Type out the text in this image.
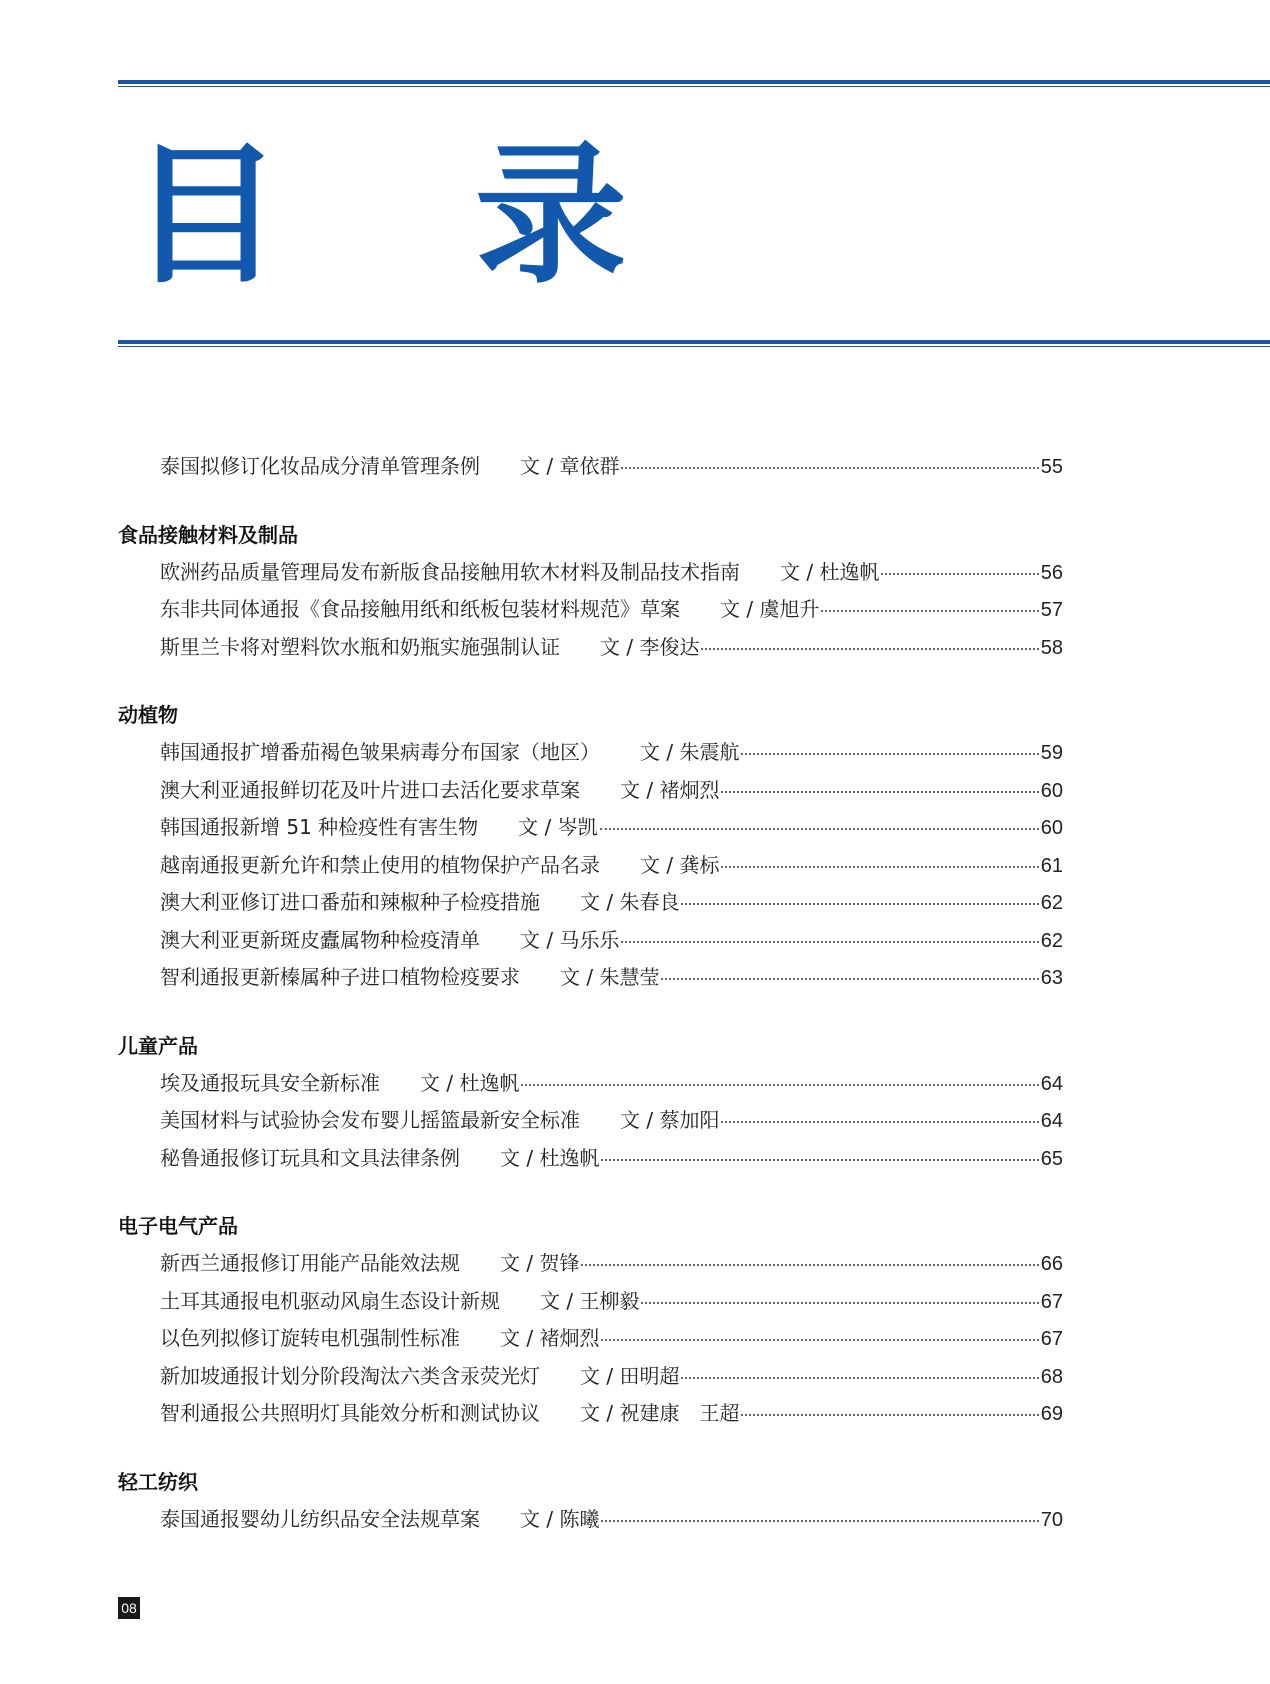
目 录
泰国拟修订化妆品成分清单管理条例 文 / 章依群	55
食品接触材料及制品
欧洲药品质量管理局发布新版食品接触用软木材料及制品技术指南 文 / 杜逸帆	56
东非共同体通报《食品接触用纸和纸板包装材料规范》草案 文 / 虞旭升	57
斯里兰卡将对塑料饮水瓶和奶瓶实施强制认证 文 / 李俊达	58
动植物
韩国通报扩增番茄褐色皱果病毒分布国家（地区） 文 / 朱震航	59
澳大利亚通报鲜切花及叶片进口去活化要求草案 文 / 褚炯烈	60
韩国通报新增 51 种检疫性有害生物 文 / 岑凯	60
越南通报更新允许和禁止使用的植物保护产品名录 文 / 龚标	61
澳大利亚修订进口番茄和辣椒种子检疫措施 文 / 朱春良	62
澳大利亚更新斑皮蠹属物种检疫清单 文 / 马乐乐	62
智利通报更新榛属种子进口植物检疫要求 文 / 朱慧莹	63
儿童产品
埃及通报玩具安全新标准 文 / 杜逸帆	64
美国材料与试验协会发布婴儿摇篮最新安全标准 文 / 蔡加阳	64
秘鲁通报修订玩具和文具法律条例 文 / 杜逸帆	65
电子电气产品
新西兰通报修订用能产品能效法规 文 / 贺锋	66
土耳其通报电机驱动风扇生态设计新规 文 / 王柳毅	67
以色列拟修订旋转电机强制性标准 文 / 褚炯烈	67
新加坡通报计划分阶段淘汰六类含汞荧光灯 文 / 田明超	68
智利通报公共照明灯具能效分析和测试协议 文 / 祝建康　王超	69
轻工纺织
泰国通报婴幼儿纺织品安全法规草案 文 / 陈曦	70
08
